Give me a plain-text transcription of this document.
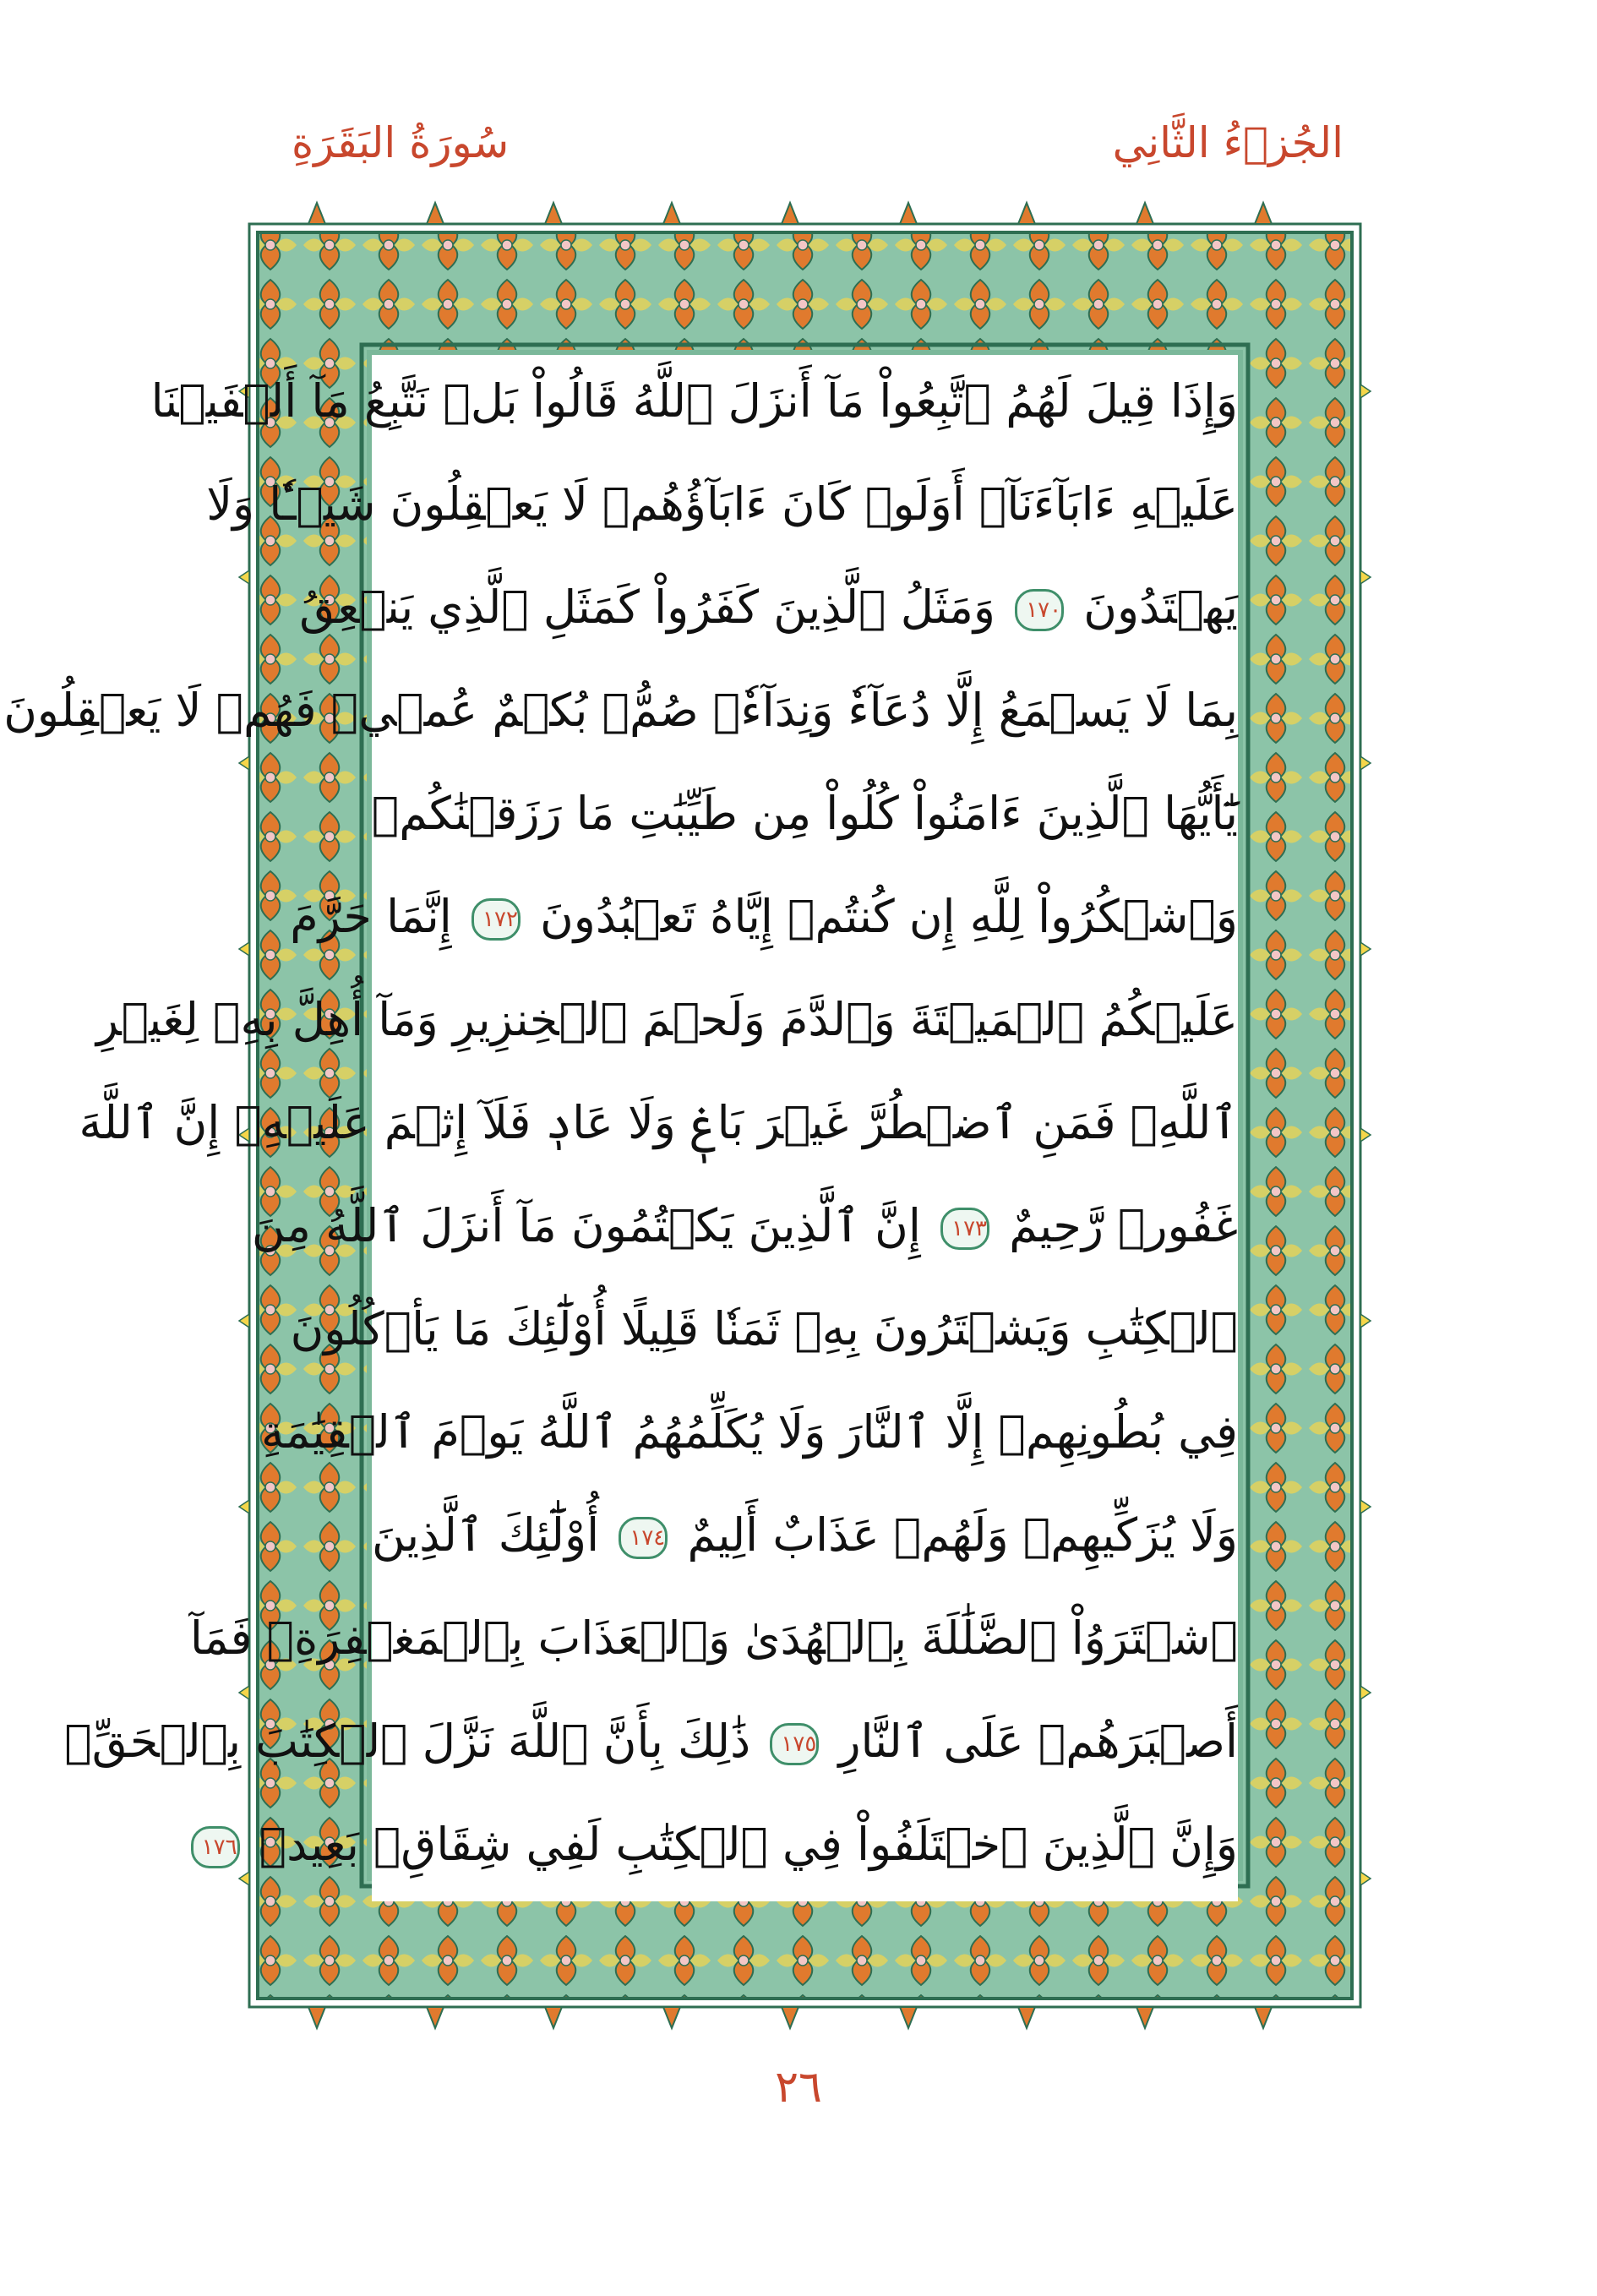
الجُزۡءُ الثَّانِي
سُورَةُ البَقَرَةِ
وَإِذَا قِيلَ لَهُمُ ٱتَّبِعُواْ مَآ أَنزَلَ ٱللَّهُ قَالُواْ بَلۡ نَتَّبِعُ مَآ أَلۡفَيۡنَا
عَلَيۡهِ ءَابَآءَنَآۚ أَوَلَوۡ كَانَ ءَابَآؤُهُمۡ لَا يَعۡقِلُونَ شَيۡـٔٗا وَلَا
يَهۡتَدُونَ ١٧٠ وَمَثَلُ ٱلَّذِينَ كَفَرُواْ كَمَثَلِ ٱلَّذِي يَنۡعِقُ
بِمَا لَا يَسۡمَعُ إِلَّا دُعَآءٗ وَنِدَآءٗۚ صُمُّۢ بُكۡمٌ عُمۡيٞ فَهُمۡ لَا يَعۡقِلُونَ
يَٰٓأَيُّهَا ٱلَّذِينَ ءَامَنُواْ كُلُواْ مِن طَيِّبَٰتِ مَا رَزَقۡنَٰكُمۡ
وَٱشۡكُرُواْ لِلَّهِ إِن كُنتُمۡ إِيَّاهُ تَعۡبُدُونَ ١٧٢ إِنَّمَا حَرَّمَ
عَلَيۡكُمُ ٱلۡمَيۡتَةَ وَٱلدَّمَ وَلَحۡمَ ٱلۡخِنزِيرِ وَمَآ أُهِلَّ بِهِۦ لِغَيۡرِ
ٱللَّهِۖ فَمَنِ ٱضۡطُرَّ غَيۡرَ بَاغٖ وَلَا عَادٖ فَلَآ إِثۡمَ عَلَيۡهِۚ إِنَّ ٱللَّهَ
غَفُورٞ رَّحِيمٌ ١٧٣ إِنَّ ٱلَّذِينَ يَكۡتُمُونَ مَآ أَنزَلَ ٱللَّهُ مِنَ
ٱلۡكِتَٰبِ وَيَشۡتَرُونَ بِهِۦ ثَمَنٗا قَلِيلًا أُوْلَٰٓئِكَ مَا يَأۡكُلُونَ
فِي بُطُونِهِمۡ إِلَّا ٱلنَّارَ وَلَا يُكَلِّمُهُمُ ٱللَّهُ يَوۡمَ ٱلۡقِيَٰمَةِ
وَلَا يُزَكِّيهِمۡ وَلَهُمۡ عَذَابٌ أَلِيمٌ ١٧٤ أُوْلَٰٓئِكَ ٱلَّذِينَ
ٱشۡتَرَوُاْ ٱلضَّلَٰلَةَ بِٱلۡهُدَىٰ وَٱلۡعَذَابَ بِٱلۡمَغۡفِرَةِۚ فَمَآ
أَصۡبَرَهُمۡ عَلَى ٱلنَّارِ ١٧٥ ذَٰلِكَ بِأَنَّ ٱللَّهَ نَزَّلَ ٱلۡكِتَٰبَ بِٱلۡحَقِّۗ
وَإِنَّ ٱلَّذِينَ ٱخۡتَلَفُواْ فِي ٱلۡكِتَٰبِ لَفِي شِقَاقِۭ بَعِيدٖ ١٧٦
٢٦
